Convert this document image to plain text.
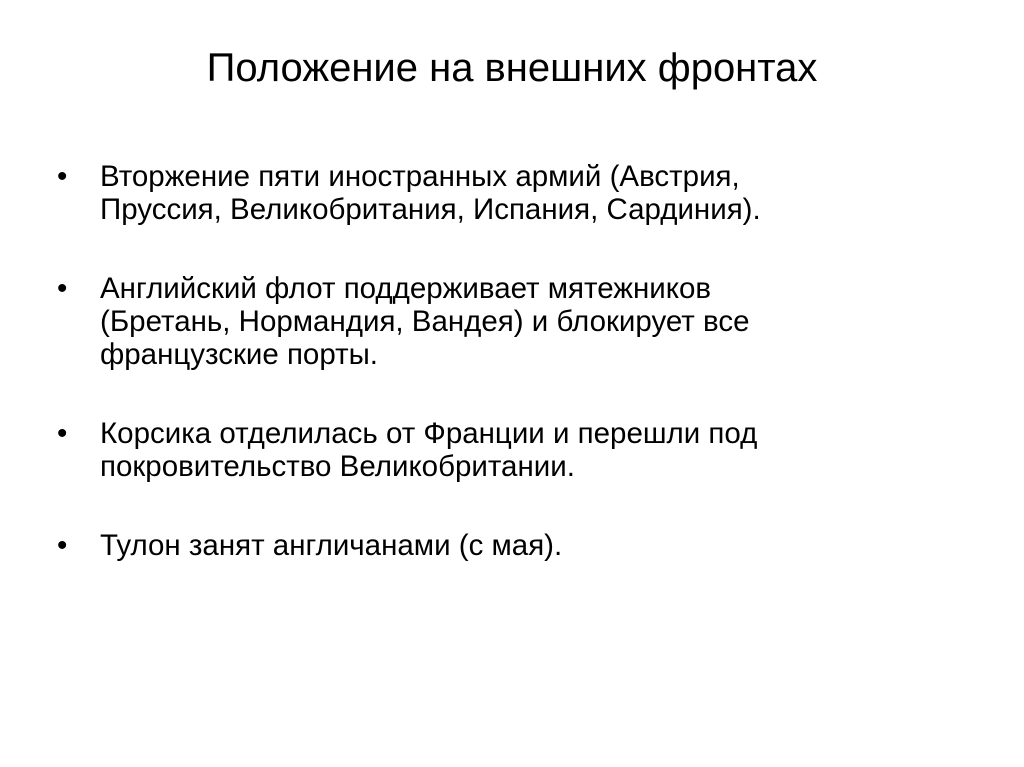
Положение на внешних фронтах
•	Вторжение пяти иностранных армий (Австрия,
Пруссия, Великобритания, Испания, Сардиния).
•	Английский флот поддерживает мятежников
(Бретань, Нормандия, Вандея) и блокирует все
французские порты.
•	Корсика отделилась от Франции и перешли под
покровительство Великобритании.
•	Тулон занят англичанами (с мая).
